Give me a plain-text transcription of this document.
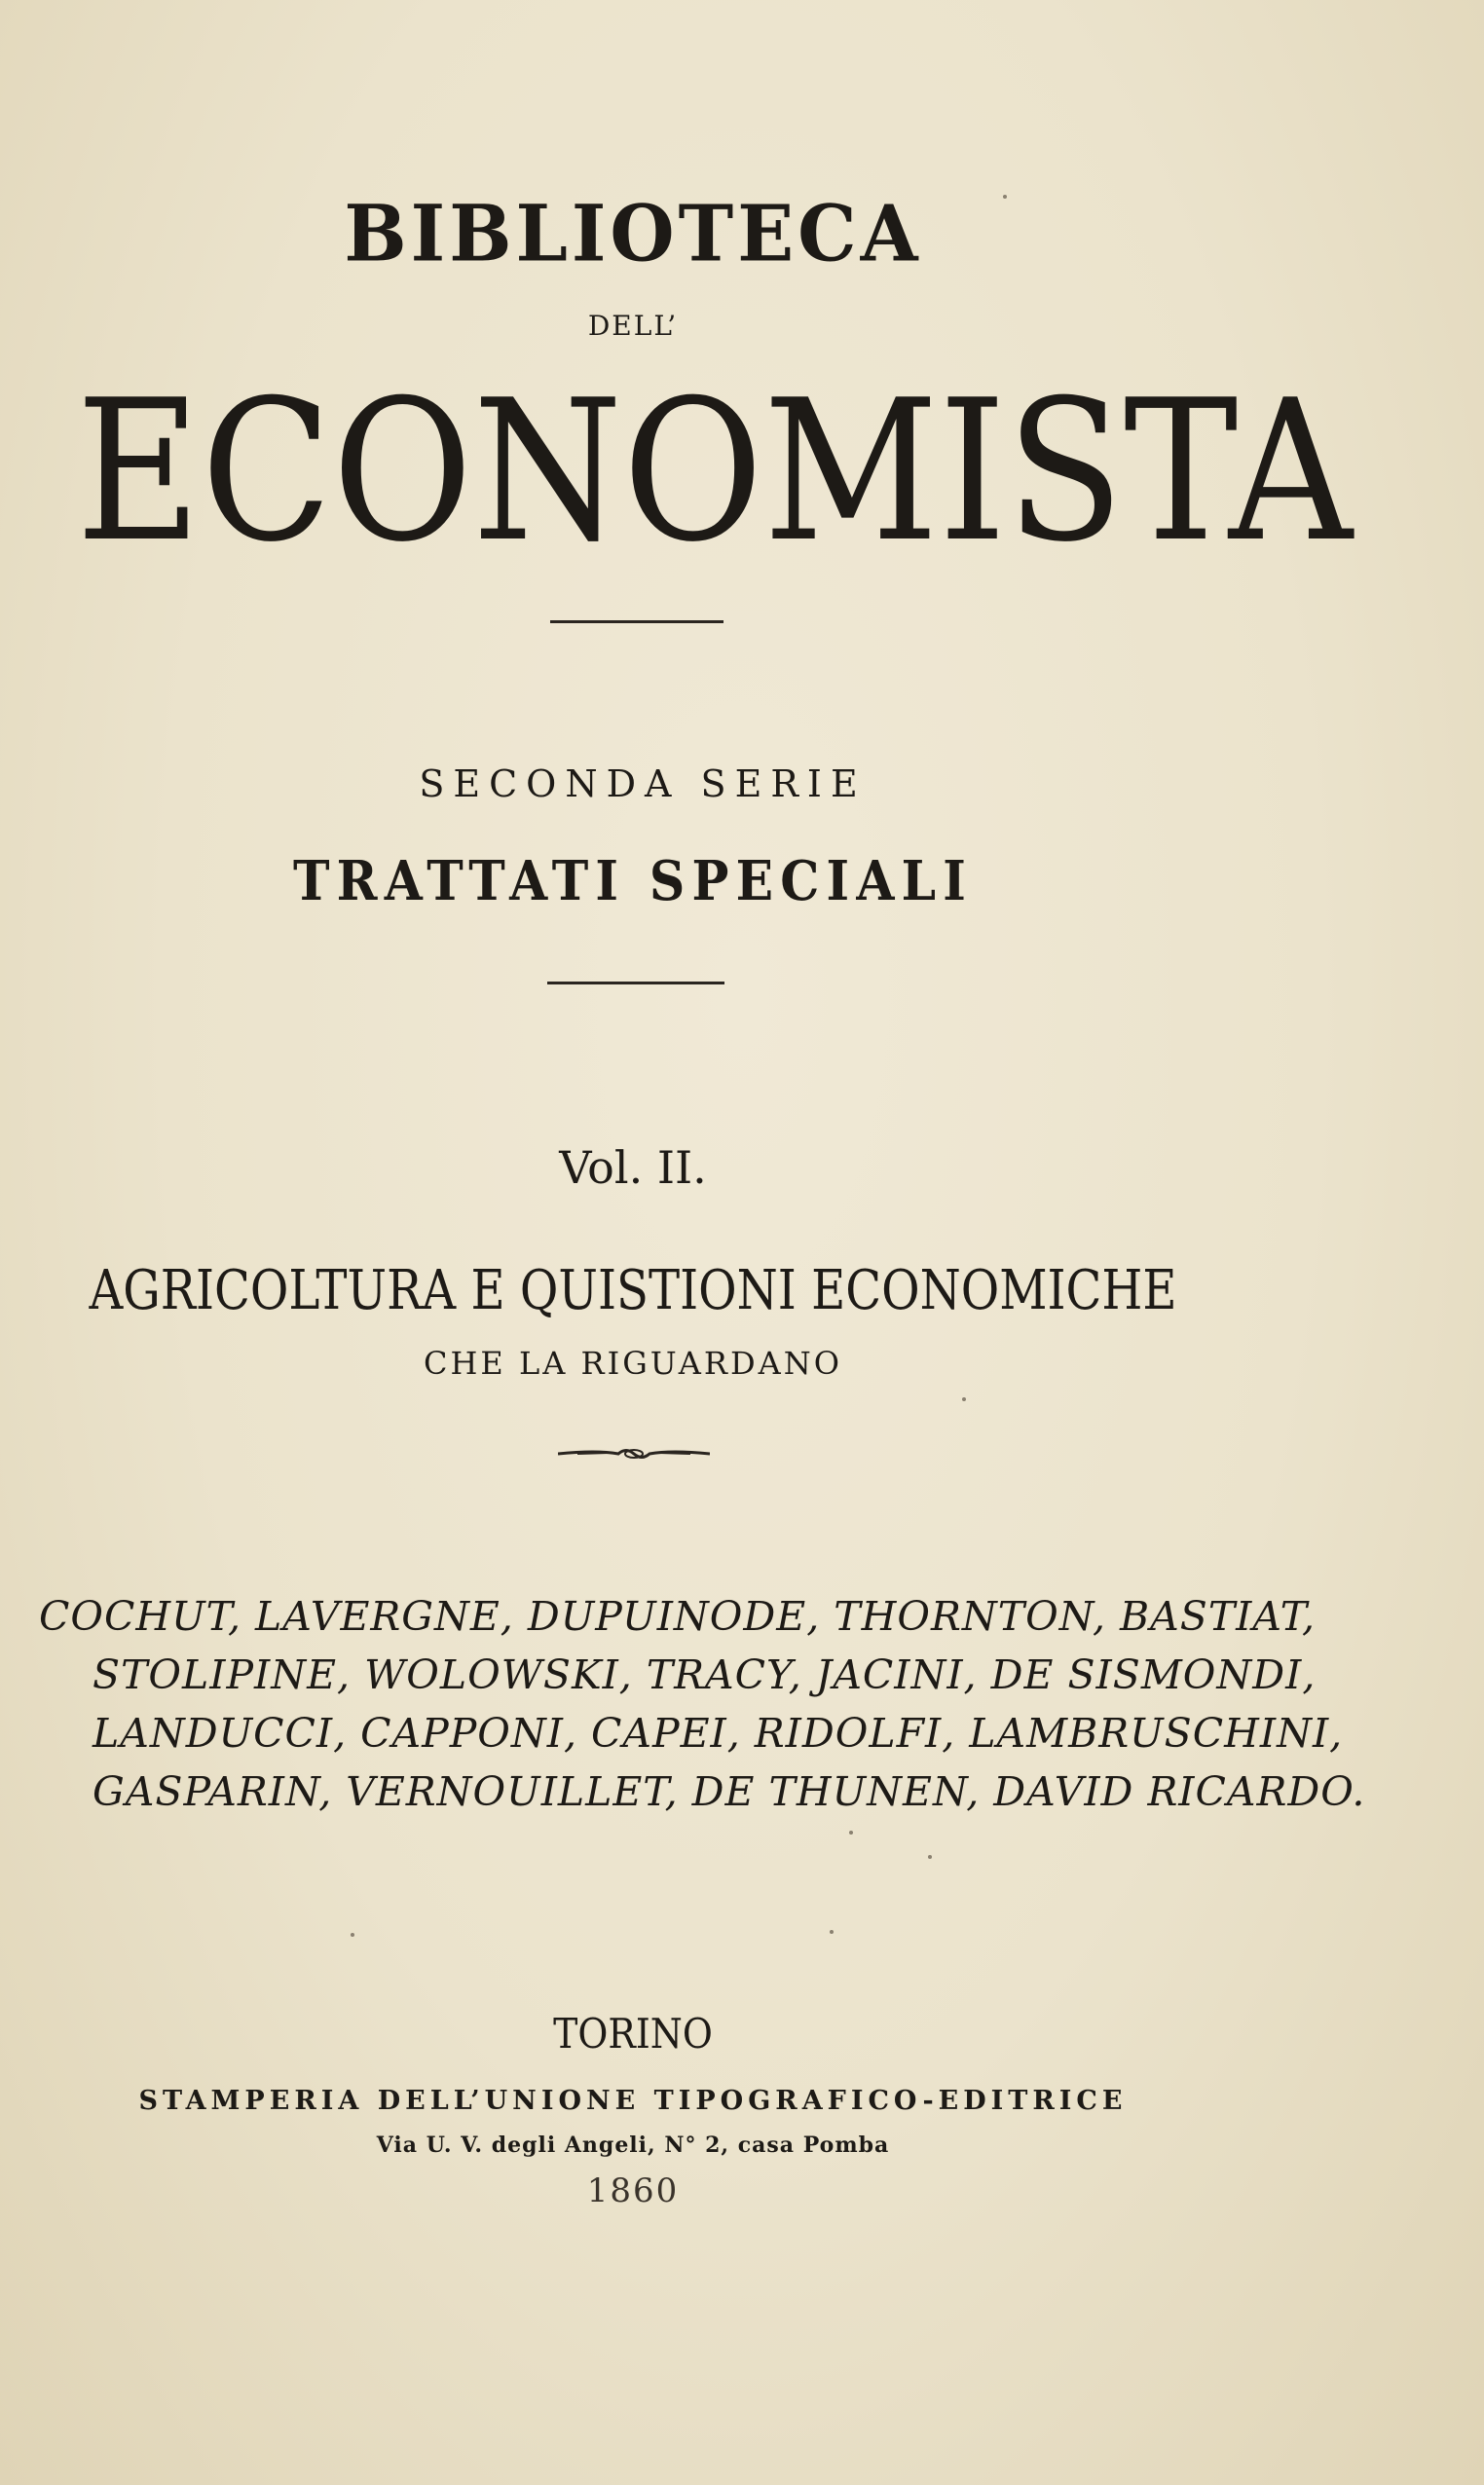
BIBLIOTECA
DELL’
ECONOMISTA
SECONDA SERIE
TRATTATI SPECIALI
Vol. II.
AGRICOLTURA E QUISTIONI ECONOMICHE
CHE LA RIGUARDANO
COCHUT, LAVERGNE, DUPUINODE, THORNTON, BASTIAT,
STOLIPINE, WOLOWSKI, TRACY, JACINI, DE SISMONDI,
LANDUCCI, CAPPONI, CAPEI, RIDOLFI, LAMBRUSCHINI,
GASPARIN, VERNOUILLET, DE THUNEN, DAVID RICARDO.
TORINO
STAMPERIA DELL’UNIONE TIPOGRAFICO-EDITRICE
Via U. V. degli Angeli, N° 2, casa Pomba
1860
